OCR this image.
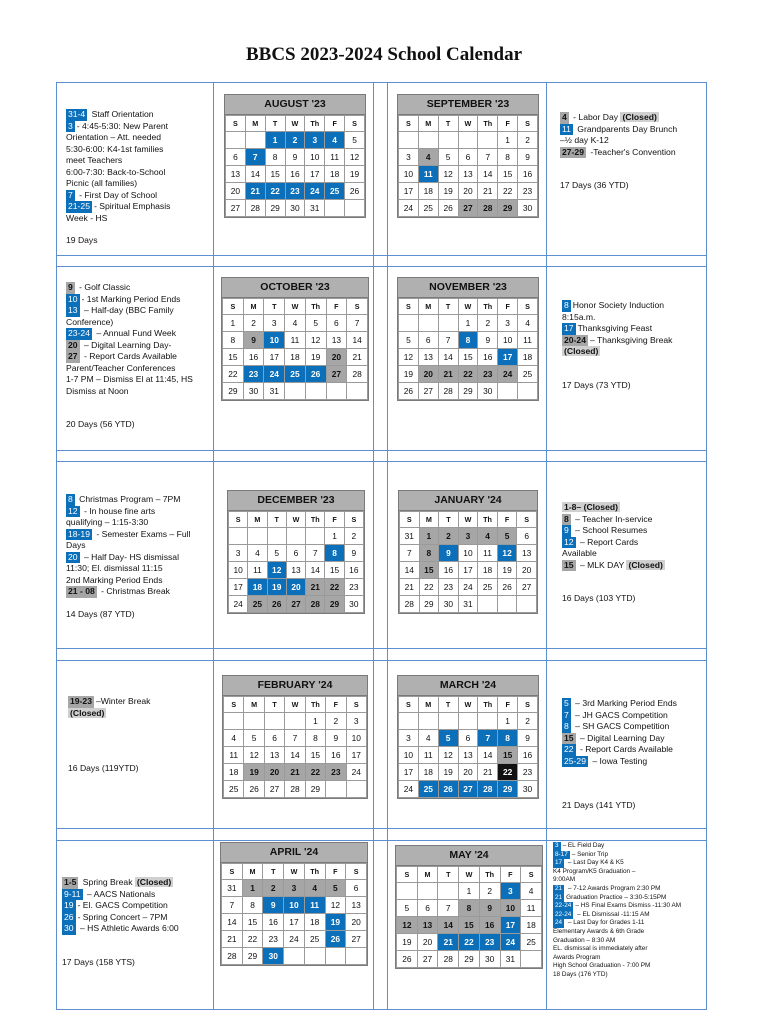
BBCS 2023-2024 School Calendar
31-4 Staff Orientation
3 - 4:45-5:30: New Parent
Orientation – Att. needed
5:30-6:00: K4-1st families
meet Teachers
6:00-7:30: Back-to-School
Picnic (all families)
7 - First Day of School
21-25 - Spiritual Emphasis
Week - HS
19 Days
4 - Labor Day (Closed)
11 Grandparents Day Brunch
–½ day K-12
27-29 -Teacher's Convention
17 Days (36 YTD)
9 - Golf Classic
10 - 1st Marking Period Ends
13 – Half-day (BBC Family
Conference)
23-24 – Annual Fund Week
20 – Digital Learning Day-
27 - Report Cards Available
Parent/Teacher Conferences
1-7 PM – Dismiss El at 11:45, HS
Dismiss at Noon
20 Days (56 YTD)
8 Honor Society Induction
8:15a.m.
17 Thanksgiving Feast
20-24 – Thanksgiving Break
(Closed)
17 Days (73 YTD)
8 Christmas Program – 7PM
12 - In house fine arts
qualifying – 1:15-3:30
18-19 - Semester Exams – Full
Days
20 – Half Day- HS dismissal
11:30; El. dismissal 11:15
2nd Marking Period Ends
21 - 08 - Christmas Break
14 Days (87 YTD)
1-8– (Closed)
8 – Teacher In-service
9 – School Resumes
12 – Report Cards
Available
15 – MLK DAY (Closed)
16 Days (103 YTD)
19-23 –Winter Break
(Closed)
16 Days (119YTD)
5 – 3rd Marking Period Ends
7 – JH GACS Competition
8 – SH GACS Competition
15 – Digital Learning Day
22 - Report Cards Available
25-29 – Iowa Testing
21 Days (141 YTD)
1-5 Spring Break (Closed)
9-11 – AACS Nationals
19 - El. GACS Competition
26 - Spring Concert – 7PM
30 – HS Athletic Awards 6:00
17 Days (158 YTS)
3 – EL Field Day
8-17 – Senior Trip
17 – Last Day K4 & K5
K4 Program/K5 Graduation –
9:00AM
21 – 7-12 Awards Program 2:30 PM
21 Graduation Practice – 3:30-5:15PM
22-24 – HS Final Exams Dismiss -11:30 AM
22-24 – EL Dismissal -11:15 AM
24 – Last Day for Grades 1-11
Elementary Awards & 6th Grade
Graduation – 8:30 AM
EL. dismissal is immediately after
Awards Program
High School Graduation - 7:00 PM
18 Days (176 YTD)
AUGUST '23
S	M	T	W	Th	F	S
		1	2	3	4	5
6	7	8	9	10	11	12
13	14	15	16	17	18	19
20	21	22	23	24	25	26
27	28	29	30	31		
SEPTEMBER '23
S	M	T	W	Th	F	S
					1	2
3	4	5	6	7	8	9
10	11	12	13	14	15	16
17	18	19	20	21	22	23
24	25	26	27	28	29	30
OCTOBER '23
S	M	T	W	Th	F	S
1	2	3	4	5	6	7
8	9	10	11	12	13	14
15	16	17	18	19	20	21
22	23	24	25	26	27	28
29	30	31				
NOVEMBER '23
S	M	T	W	Th	F	S
			1	2	3	4
5	6	7	8	9	10	11
12	13	14	15	16	17	18
19	20	21	22	23	24	25
26	27	28	29	30		
DECEMBER '23
S	M	T	W	Th	F	S
					1	2
3	4	5	6	7	8	9
10	11	12	13	14	15	16
17	18	19	20	21	22	23
24	25	26	27	28	29	30
JANUARY '24
S	M	T	W	Th	F	S
31	1	2	3	4	5	6
7	8	9	10	11	12	13
14	15	16	17	18	19	20
21	22	23	24	25	26	27
28	29	30	31			
FEBRUARY '24
S	M	T	W	Th	F	S
				1	2	3
4	5	6	7	8	9	10
11	12	13	14	15	16	17
18	19	20	21	22	23	24
25	26	27	28	29		
MARCH '24
S	M	T	W	Th	F	S
					1	2
3	4	5	6	7	8	9
10	11	12	13	14	15	16
17	18	19	20	21	22	23
24	25	26	27	28	29	30
APRIL '24
S	M	T	W	Th	F	S
31	1	2	3	4	5	6
7	8	9	10	11	12	13
14	15	16	17	18	19	20
21	22	23	24	25	26	27
28	29	30				
MAY '24
S	M	T	W	Th	F	S
			1	2	3	4
5	6	7	8	9	10	11
12	13	14	15	16	17	18
19	20	21	22	23	24	25
26	27	28	29	30	31	
